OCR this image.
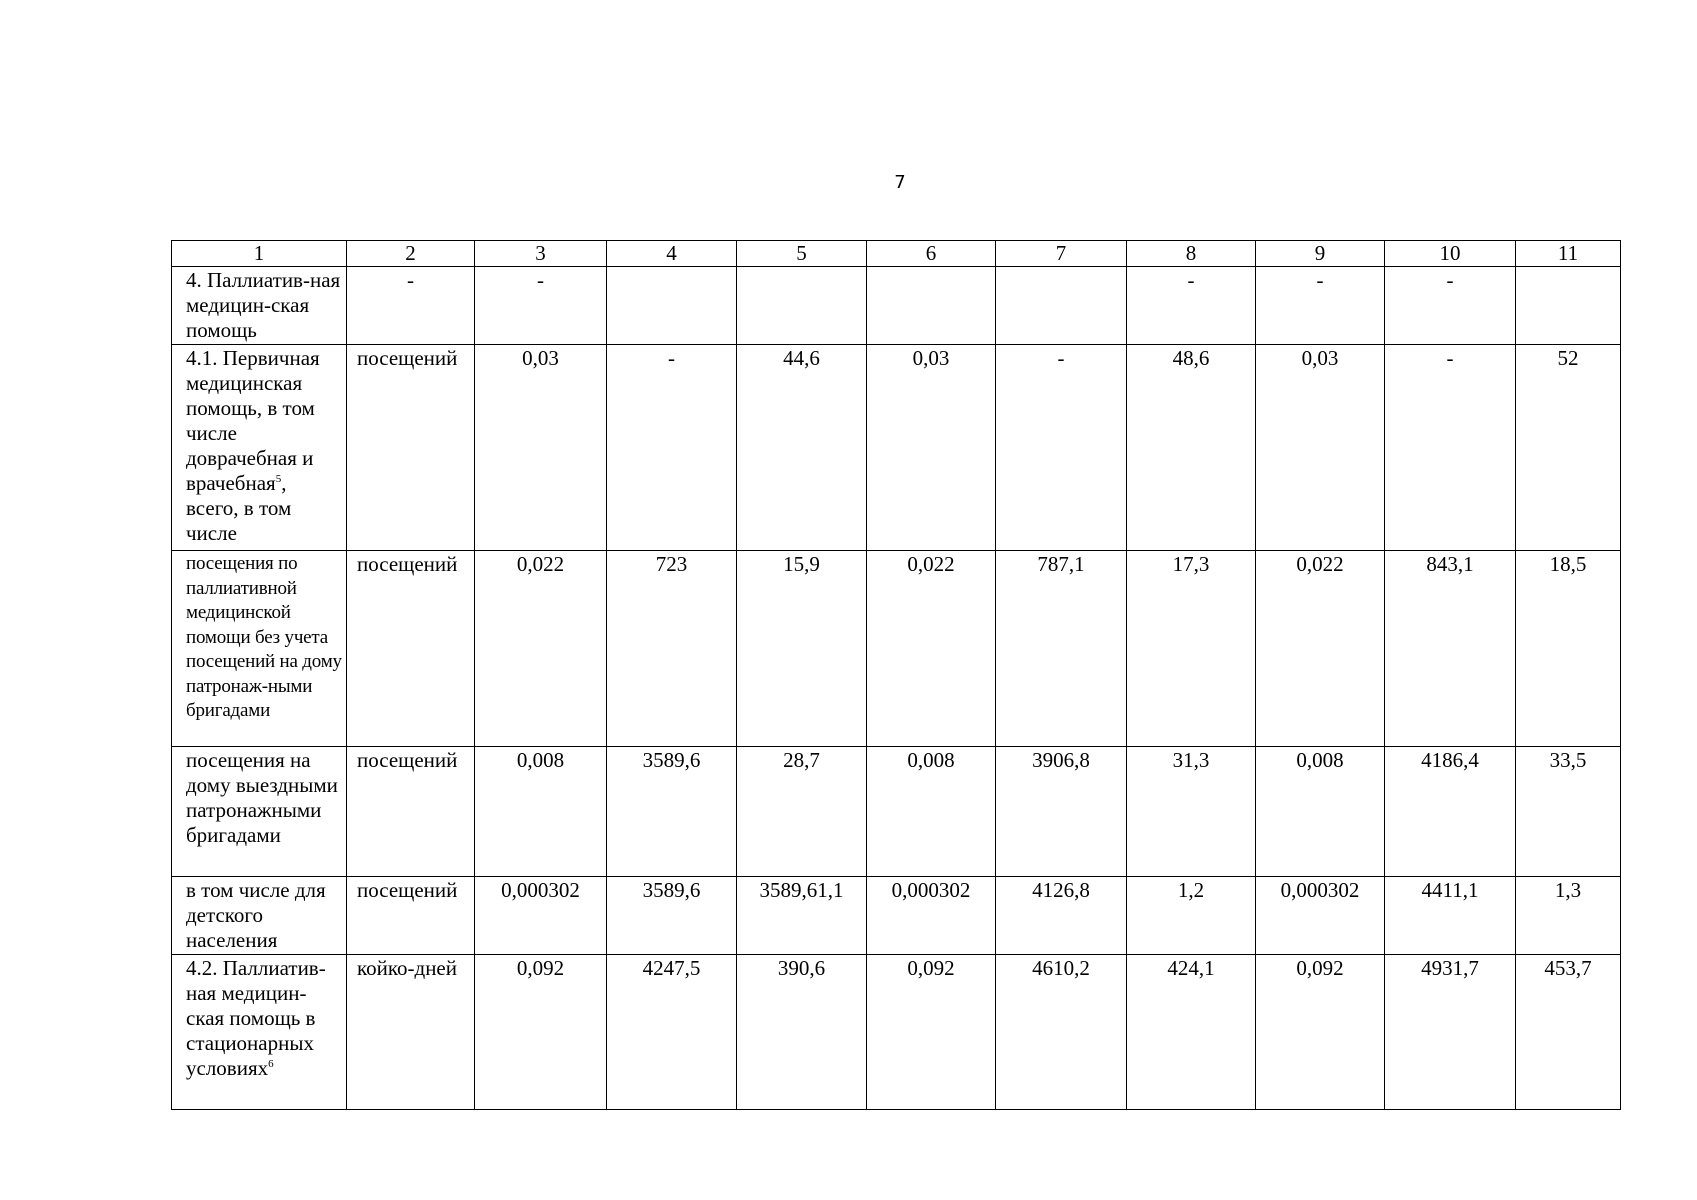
7
1	2	3	4	5	6	7	8	9	10	11
4. Паллиатив-ная медицин-ская помощь	-	-					-	-	-	
4.1. Первичная медицинская помощь, в том числе доврачебная и врачебная$^5$, всего, в том числе	посещений	0,03	-	44,6	0,03	-	48,6	0,03	-	52
посещения по паллиативной медицинской помощи без учета посещений на дому патронаж-ными бригадами	посещений	0,022	723	15,9	0,022	787,1	17,3	0,022	843,1	18,5
посещения на дому выездными патронажными бригадами	посещений	0,008	3589,6	28,7	0,008	3906,8	31,3	0,008	4186,4	33,5
в том числе для детского населения	посещений	0,000302	3589,6	3589,61,1	0,000302	4126,8	1,2	0,000302	4411,1	1,3
4.2. Паллиатив-ная медицин-ская помощь в стационарных условиях$^6$	койко-дней	0,092	4247,5	390,6	0,092	4610,2	424,1	0,092	4931,7	453,7
